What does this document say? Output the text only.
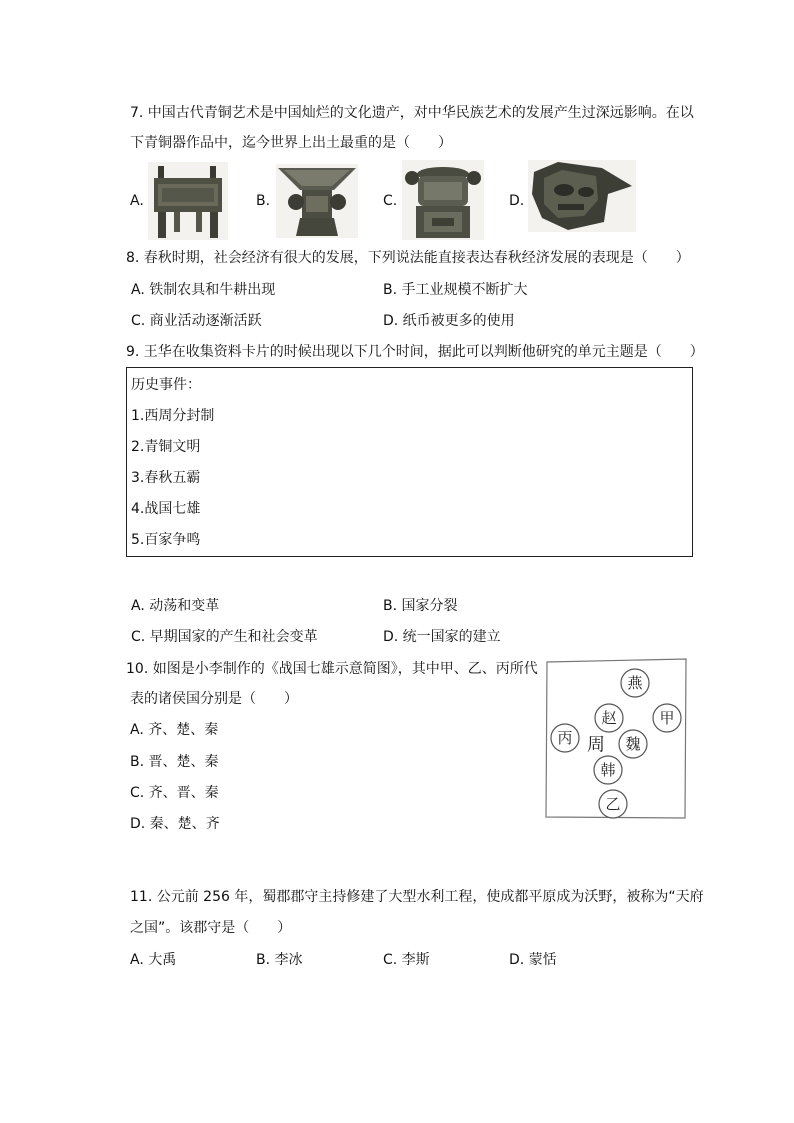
7. 中国古代青铜艺术是中国灿烂的文化遗产，对中华民族艺术的发展产生过深远影响。在以
下青铜器作品中，迄今世界上出土最重的是（　　）
A.	B.	C.	D.
8. 春秋时期，社会经济有很大的发展，下列说法能直接表达春秋经济发展的表现是（　　）
A. 铁制农具和牛耕出现	B. 手工业规模不断扩大
C. 商业活动逐渐活跃	D. 纸币被更多的使用
9. 王华在收集资料卡片的时候出现以下几个时间，据此可以判断他研究的单元主题是（　　）
历史事件：
1.西周分封制
2.青铜文明
3.春秋五霸
4.战国七雄
5.百家争鸣
A. 动荡和变革	B. 国家分裂
C. 早期国家的产生和社会变革	D. 统一国家的建立
10. 如图是小李制作的《战国七雄示意简图》，其中甲、乙、丙所代
表的诸侯国分别是（　　）
A. 齐、楚、秦
B. 晋、楚、秦
C. 齐、晋、秦
D. 秦、楚、齐
燕
赵	甲
丙 周 魏
韩
乙
11. 公元前 256 年，蜀郡郡守主持修建了大型水利工程，使成都平原成为沃野，被称为“天府
之国”。该郡守是（　　）
A. 大禹	B. 李冰	C. 李斯	D. 蒙恬
